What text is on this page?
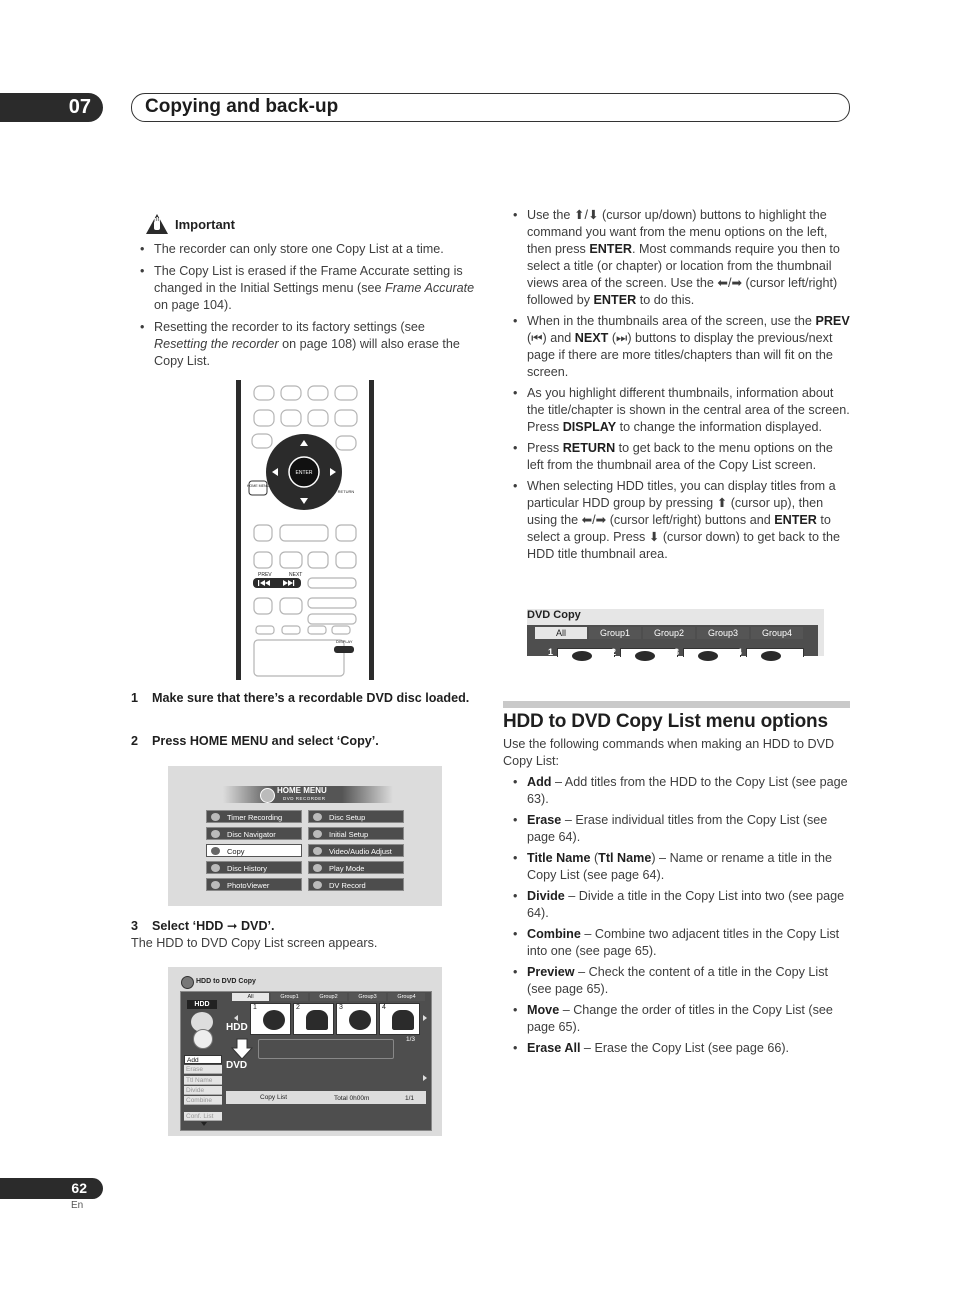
07	Copying and back-up
Important
• The recorder can only store one Copy List at a time.
• The Copy List is erased if the Frame Accurate setting is changed in the Initial Settings menu (see Frame Accurate on page 104).
• Resetting the recorder to its factory settings (see Resetting the recorder on page 108) will also erase the Copy List.
ENTER
HOME MENU
RETURN
PREV	NEXT
DISPLAY
1 Make sure that there’s a recordable DVD disc loaded.
2 Press HOME MENU and select ‘Copy’.
HOME MENU
DVD RECORDER
Timer Recording
Disc Navigator
Copy
Disc History
PhotoViewer
Disc Setup
Initial Setup
Video/Audio Adjust
Play Mode
DV Record
3 Select ‘HDD ➞ DVD’.
The HDD to DVD Copy List screen appears.
HDD to DVD Copy
HDD
All	Group1	Group2	Group3	Group4
HDD
1/3
DVD
Copy List	Total 0h00m	1/1
1	2	3	4
Add
Erase
Ttl Name
Divide
Combine
Conf. List
• Use the ⬆/⬇ (cursor up/down) buttons to highlight the command you want from the menu options on the left, then press ENTER. Most commands require you then to select a title (or chapter) or location from the thumbnail views area of the screen. Use the ⬅/➡ (cursor left/right) followed by ENTER to do this.
• When in the thumbnails area of the screen, use the PREV (⏮) and NEXT (⏭) buttons to display the previous/next page if there are more titles/chapters than will fit on the screen.
• As you highlight different thumbnails, information about the title/chapter is shown in the central area of the screen. Press DISPLAY to change the information displayed.
• Press RETURN to get back to the menu options on the left from the thumbnail area of the Copy List screen.
• When selecting HDD titles, you can display titles from a particular HDD group by pressing ⬆ (cursor up), then using the ⬅/➡ (cursor left/right) buttons and ENTER to select a group. Press ⬇ (cursor down) to get back to the HDD title thumbnail area.
DVD Copy
All	Group1	Group2	Group3	Group4
1	2	3	4
HDD to DVD Copy List menu options
Use the following commands when making an HDD to DVD Copy List:
• Add – Add titles from the HDD to the Copy List (see page 63).
• Erase – Erase individual titles from the Copy List (see page 64).
• Title Name (Ttl Name) – Name or rename a title in the Copy List (see page 64).
• Divide – Divide a title in the Copy List into two (see page 64).
• Combine – Combine two adjacent titles in the Copy List into one (see page 65).
• Preview – Check the content of a title in the Copy List (see page 65).
• Move – Change the order of titles in the Copy List (see page 65).
• Erase All – Erase the Copy List (see page 66).
62
En
